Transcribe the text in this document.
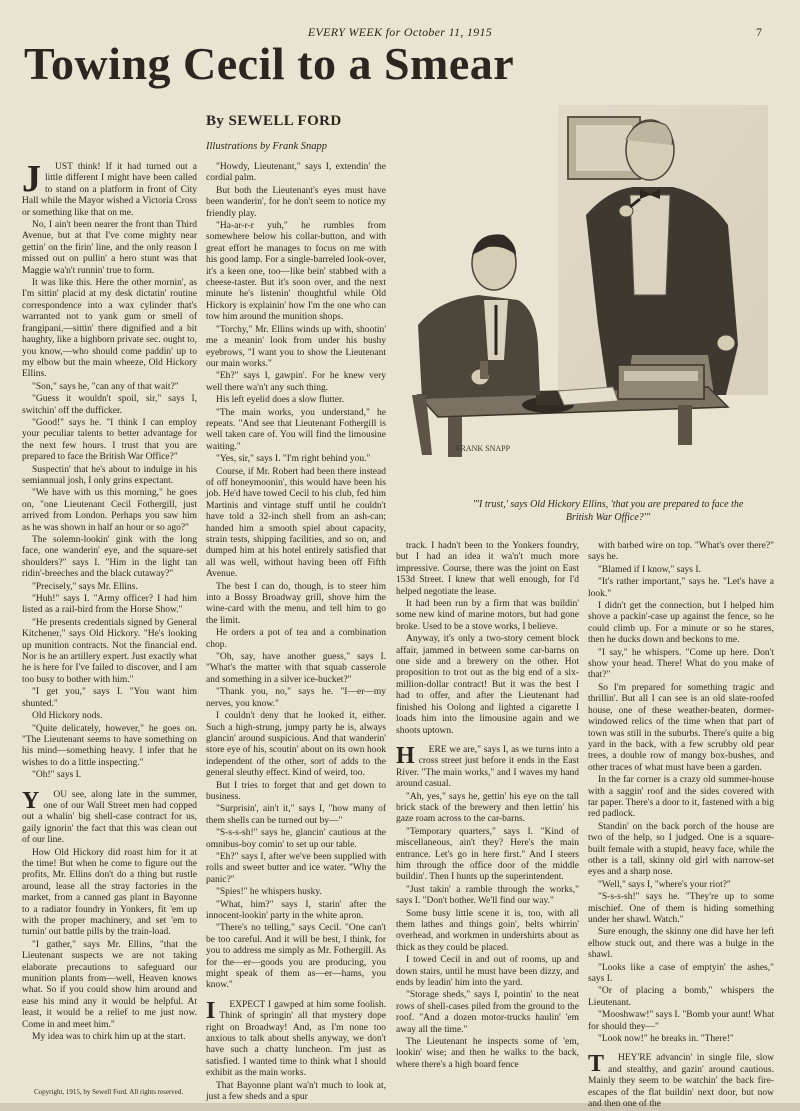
EVERY WEEK for October 11, 1915	7
Towing Cecil to a Smear
By SEWELL FORD
Illustrations by Frank Snapp

J UST think! If it had turned out a little different I might have been called to stand on a platform in front of City Hall while the Mayor wished a Victoria Cross or something like that on me.

No, I ain't been nearer the front than Third Avenue, but at that I've come mighty near gettin' on the firin' line, and the only reason I missed out on pullin' a hero stunt was that Maggie wa'n't runnin' true to form.

It was like this. Here the other mornin', as I'm sittin' placid at my desk dictatin' routine correspondence into a wax cylinder that's warranted not to yank gum or smell of frangipani,—sittin' there dignified and a bit haughty, like a highborn private sec. ought to, you know,—who should come paddin' up to my elbow but the main wheeze, Old Hickory Ellins.

"Son," says he, "can any of that wait?"

"Guess it wouldn't spoil, sir," says I, switchin' off the dufficker.

"Good!" says he. "I think I can employ your peculiar talents to better advantage for the next few hours. I trust that you are prepared to face the British War Office?"

Suspectin' that he's about to indulge in his semiannual josh, I only grins expectant.

"We have with us this morning," he goes on, "one Lieutenant Cecil Fothergill, just arrived from London. Perhaps you saw him as he was shown in half an hour or so ago?"

The solemn-lookin' gink with the long face, one wanderin' eye, and the square-set shoulders?" says I. "Him in the light tan ridin'-breeches and the black cutaway?"

"Precisely," says Mr. Ellins.

"Huh!" says I. "Army officer? I had him listed as a rail-bird from the Horse Show."

"He presents credentials signed by General Kitchener," says Old Hickory. "He's looking up munition contracts. Not the financial end. Nor is he an artillery expert. Just exactly what he is here for I've failed to discover, and I am too busy to bother with him."

"I get you," says I. "You want him shunted."

Old Hickory nods.

"Quite delicately, however," he goes on. "The Lieutenant seems to have something on his mind—something heavy. I infer that he wishes to do a little inspecting."

"Oh!" says I.

Y OU see, along late in the summer, one of our Wall Street men had copped out a whalin' big shell-case contract for us, gaily ignorin' the fact that this was clean out of our line.

How Old Hickory did roast him for it at the time! But when he come to figure out the profits, Mr. Ellins don't do a thing but rustle around, lease all the stray factories in the market, from a canned gas plant in Bayonne to a radiator foundry in Yonkers, fit 'em up with the proper machinery, and set 'em to turnin' out battle pills by the train-load.

"I gather," says Mr. Ellins, "that the Lieutenant suspects we are not taking elaborate precautions to safeguard our munition plants from—well, Heaven knows what. So if you could show him around and ease his mind any it would be helpful. At least, it would be a relief to me just now. Come in and meet him."

My idea was to chirk him up at the start.

"Howdy, Lieutenant," says I, extendin' the cordial palm.

But both the Lieutenant's eyes must have been wanderin', for he don't seem to notice my friendly play.

"Ha-ar-r-r yuh," he rumbles from somewhere below his collar-button, and with great effort he manages to focus on me with his good lamp. For a single-barreled look-over, it's a keen one, too—like bein' stabbed with a cheese-taster. But it's soon over, and the next minute he's listenin' thoughtful while Old Hickory is explainin' how I'm the one who can tow him around the munition shops.

"Torchy," Mr. Ellins winds up with, shootin' me a meanin' look from under his bushy eyebrows, "I want you to show the Lieutenant our main works."

"Eh?" says I, gawpin'. For he knew very well there wa'n't any such thing.

His left eyelid does a slow flutter.

"The main works, you understand," he repeats. "And see that Lieutenant Fothergill is well taken care of. You will find the limousine waiting."

"Yes, sir," says I. "I'm right behind you."

Course, if Mr. Robert had been there instead of off honeymoonin', this would have been his job. He'd have towed Cecil to his club, fed him Martinis and vintage stuff until he couldn't have told a 32-inch shell from an ash-can; handed him a smooth spiel about capacity, strain tests, shipping facilities, and so on, and dumped him at his hotel entirely satisfied that all was well, without having been off Fifth Avenue.

The best I can do, though, is to steer him into a Bossy Broadway grill, shove him the wine-card with the menu, and tell him to go the limit.

He orders a pot of tea and a combination chop.

"Oh, say, have another guess," says I. "What's the matter with that squab casserole and something in a silver ice-bucket?"

"Thank you, no," says he. "I—er—my nerves, you know."

I couldn't deny that he looked it, either. Such a high-strung, jumpy party he is, always glancin' around suspicious. And that wanderin' store eye of his, scoutin' about on its own hook independent of the other, sort of adds to the general sleuthy effect. Kind of weird, too.

But I tries to forget that and get down to business.

"Surprisin', ain't it," says I, "how many of them shells can be turned out by—"

"S-s-s-sh!" says he, glancin' cautious at the omnibus-boy comin' to set up our table.

"Eh?" says I, after we've been supplied with rolls and sweet butter and ice water. "Why the panic?"

"Spies!" he whispers husky.

"What, him?" says I, starin' after the innocent-lookin' party in the white apron.

"There's no telling," says Cecil. "One can't be too careful. And it will be best, I think, for you to address me simply as Mr. Fothergill. As for the—er—goods you are producing, you might speak of them as—er—hams, you know."

I EXPECT I gawped at him some foolish. Think of springin' all that mystery dope right on Broadway! And, as I'm none too anxious to talk about shells anyway, we don't have such a chatty luncheon. I'm just as satisfied. I wanted time to think what I should exhibit as the main works.

That Bayonne plant wa'n't much to look at, just a few sheds and a spur

track. I hadn't been to the Yonkers foundry, but I had an idea it wa'n't much more impressive. Course, there was the joint on East 153d Street. I knew that well enough, for I'd helped negotiate the lease.

It had been run by a firm that was buildin' some new kind of marine motors, but had gone broke. Used to be a stove works, I believe.

Anyway, it's only a two-story cement block affair, jammed in between some car-barns on one side and a brewery on the other. Hot proposition to trot out as the big end of a six-million-dollar contract! But it was the best I had to offer, and after the Lieutenant had finished his Oolong and lighted a cigarette I loads him into the limousine again and we shoots uptown.

H ERE we are," says I, as we turns into a cross street just before it ends in the East River. "The main works," and I waves my hand around casual.

"Ah, yes," says he, gettin' his eye on the tall brick stack of the brewery and then lettin' his gaze roam across to the car-barns.

"Temporary quarters," says I. "Kind of miscellaneous, ain't they? Here's the main entrance. Let's go in here first." And I steers him through the office door of the middle buildin'. Then I hunts up the superintendent.

"Just takin' a ramble through the works," says I. "Don't bother. We'll find our way."

Some busy little scene it is, too, with all them lathes and things goin', belts whirrin' overhead, and workmen in undershirts about as thick as they could be placed.

I towed Cecil in and out of rooms, up and down stairs, until he must have been dizzy, and ends by leadin' him into the yard.

"Storage sheds," says I, pointin' to the neat rows of shell-cases piled from the ground to the roof. "And a dozen motor-trucks haulin' 'em away all the time."

The Lieutenant he inspects some of 'em, lookin' wise; and then he walks to the back, where there's a high board fence

with barbed wire on top. "What's over there?" says he.

"Blamed if I know," says I.

"It's rather important," says he. "Let's have a look."

I didn't get the connection, but I helped him shove a packin'-case up against the fence, so he could climb up. For a minute or so he stares, then he ducks down and beckons to me.

"I say," he whispers. "Come up here. Don't show your head. There! What do you make of that?"

So I'm prepared for something tragic and thrillin'. But all I can see is an old slate-roofed house, one of these weather-beaten, dormer-windowed relics of the time when that part of town was still in the suburbs. There's quite a big yard in the back, with a few scrubby old pear trees, a double row of mangy box-bushes, and other traces of what must have been a garden.

In the far corner is a crazy old summer-house with a saggin' roof and the sides covered with tar paper. There's a door to it, fastened with a big red padlock.

Standin' on the back porch of the house are two of the help, so I judged. One is a square-built female with a stupid, heavy face, while the other is a tall, skinny old girl with narrow-set eyes and a sharp nose.

"Well," says I, "where's your riot?"

"S-s-s-sh!" says he. "They're up to some mischief. One of them is hiding something under her shawl. Watch."

Sure enough, the skinny one did have her left elbow stuck out, and there was a bulge in the shawl.

"Looks like a case of emptyin' the ashes," says I.

"Or of placing a bomb," whispers the Lieutenant.

"Mooshwaw!" says I. "Bomb your aunt! What for should they—"

"Look now!" he breaks in. "There!"

T HEY'RE advancin' in single file, slow and stealthy, and gazin' around cautious. Mainly they seem to be watchin' the back fire-escapes of the flat buildin' next door, but now and then one of the

FRANK SNAPP
"'I trust,' says Old Hickory Ellins, 'that you are prepared to face the British War Office?'"
Copyright, 1915, by Sewell Ford. All rights reserved.
